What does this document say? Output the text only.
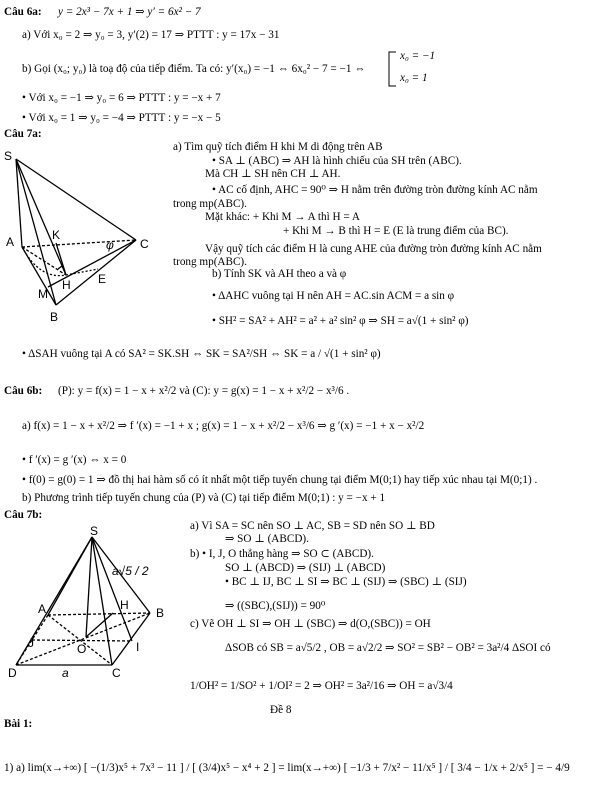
Câu 6a: y = 2x³ − 7x + 1 ⇒ y′ = 6x² − 7
a) Với x₀ = 2 ⇒ y₀ = 3, y′(2) = 17 ⇒ PTTT : y = 17x − 31
b) Gọi (x₀; y₀) là toạ độ của tiếp điểm. Ta có: y′(x₀) = −1 ⇔ 6x₀² − 7 = −1 ⇔
x₀ = −1
x₀ = 1
• Với x₀ = −1 ⇒ y₀ = 6 ⇒ PTTT : y = −x + 7
• Với x₀ = 1 ⇒ y₀ = −4 ⇒ PTTT : y = −x − 5
Câu 7a:
S
A	K
C
φ
H E
M
B
a) Tìm quỹ tích điểm H khi M di động trên AB
• SA ⊥ (ABC) ⇒ AH là hình chiếu của SH trên (ABC).
Mà CH ⊥ SH nên CH ⊥ AH.
• AC cố định, AHC = 90⁰ ⇒ H nằm trên đường tròn đường kính AC nằm
trong mp(ABC).
Mặt khác: + Khi M → A thì H = A
+ Khi M → B thì H = E (E là trung điểm của BC).
Vậy quỹ tích các điểm H là cung AHE của đường tròn đường kính AC nằm
trong mp(ABC).
b) Tính SK và AH theo a và φ
• ΔAHC vuông tại H nên AH = AC.sin ACM = a sin φ
• SH² = SA² + AH² = a² + a² sin² φ ⇒ SH = a√(1 + sin² φ)
• ΔSAH vuông tại A có SA² = SK.SH ⇔ SK = SA²/SH ⇔ SK = a / √(1 + sin² φ)
Câu 6b: (P): y = f(x) = 1 − x + x²/2 và (C): y = g(x) = 1 − x + x²/2 − x³/6 .
a) f(x) = 1 − x + x²/2 ⇒ f ′(x) = −1 + x ; g(x) = 1 − x + x²/2 − x³/6 ⇒ g ′(x) = −1 + x − x²/2
• f ′(x) = g ′(x) ⇔ x = 0
• f(0) = g(0) = 1 ⇒ đồ thị hai hàm số có ít nhất một tiếp tuyến chung tại điểm M(0;1) hay tiếp xúc nhau tại M(0;1) .
b) Phương trình tiếp tuyến chung của (P) và (C) tại tiếp điểm M(0;1) : y = −x + 1
Câu 7b:
S
A	H
B
J	O	I
D	C
a
a√5 / 2
a) Vì SA = SC nên SO ⊥ AC, SB = SD nên SO ⊥ BD
⇒ SO ⊥ (ABCD).
b) • I, J, O thẳng hàng ⇒ SO ⊂ (ABCD).
SO ⊥ (ABCD) ⇒ (SIJ) ⊥ (ABCD)
• BC ⊥ IJ, BC ⊥ SI ⇒ BC ⊥ (SIJ) ⇒ (SBC) ⊥ (SIJ)
⇒ ((SBC),(SIJ)) = 90⁰
c) Vẽ OH ⊥ SI ⇒ OH ⊥ (SBC) ⇒ d(O,(SBC)) = OH
ΔSOB có SB = a√5/2 , OB = a√2/2 ⇒ SO² = SB² − OB² = 3a²/4 ΔSOI có
1/OH² = 1/SO² + 1/OI² = 2 ⇒ OH² = 3a²/16 ⇒ OH = a√3/4
Đề 8
Bài 1:
1) a) lim(x→+∞) [ −(1/3)x⁵ + 7x³ − 11 ] / [ (3/4)x⁵ − x⁴ + 2 ] = lim(x→+∞) [ −1/3 + 7/x² − 11/x⁵ ] / [ 3/4 − 1/x + 2/x⁵ ] = − 4/9
